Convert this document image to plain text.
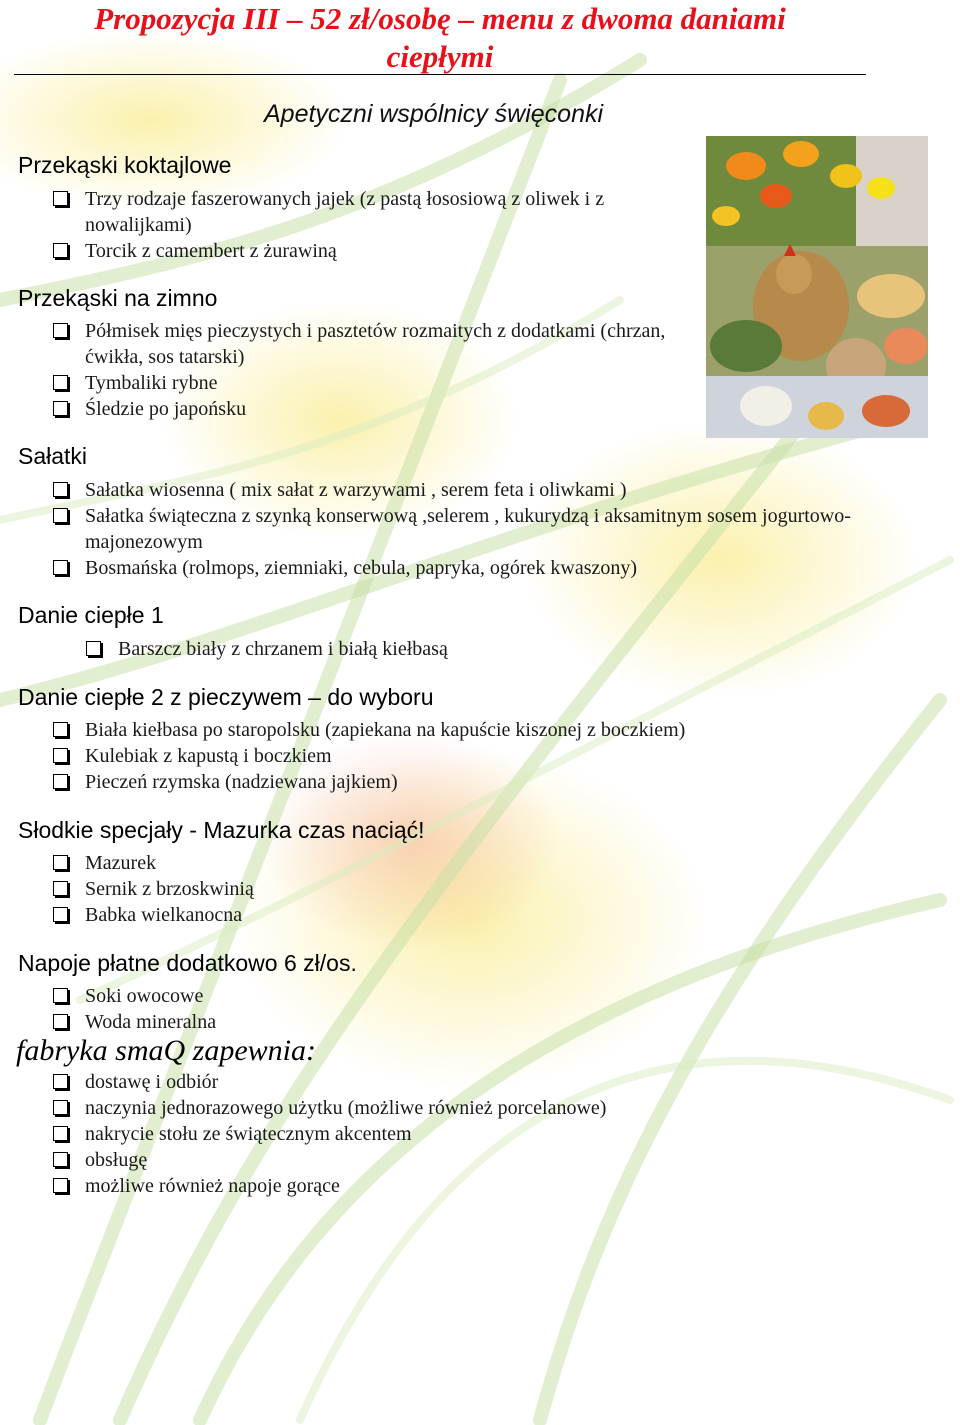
Propozycja III – 52 zł/osobę – menu z dwoma daniami ciepłymi
Apetyczni wspólnicy święconki
Przekąski koktajlowe
Trzy rodzaje faszerowanych jajek (z pastą łososiową z oliwek i z nowalijkami)
Torcik z camembert z żurawiną
Przekąski na zimno
Półmisek mięs pieczystych i pasztetów rozmaitych z dodatkami (chrzan, ćwikła, sos tatarski)
Tymbaliki rybne
Śledzie po japońsku
Sałatki
Sałatka wiosenna ( mix sałat z warzywami , serem feta i oliwkami )
Sałatka świąteczna z szynką konserwową ,selerem , kukurydzą i aksamitnym sosem jogurtowo-majonezowym
Bosmańska (rolmops, ziemniaki, cebula, papryka, ogórek kwaszony)
Danie ciepłe 1
Barszcz biały z chrzanem i białą kiełbasą
Danie ciepłe 2 z pieczywem – do wyboru
Biała kiełbasa po staropolsku (zapiekana na kapuście kiszonej z boczkiem)
Kulebiak z kapustą i boczkiem
Pieczeń rzymska (nadziewana jajkiem)
Słodkie specjały - Mazurka czas naciąć!
Mazurek
Sernik z brzoskwinią
Babka wielkanocna
Napoje płatne dodatkowo 6 zł/os.
Soki owocowe
Woda mineralna
fabryka smaQ zapewnia:
dostawę i odbiór
naczynia jednorazowego użytku (możliwe również porcelanowe)
nakrycie stołu ze świątecznym akcentem
obsługę
możliwe również napoje gorące
